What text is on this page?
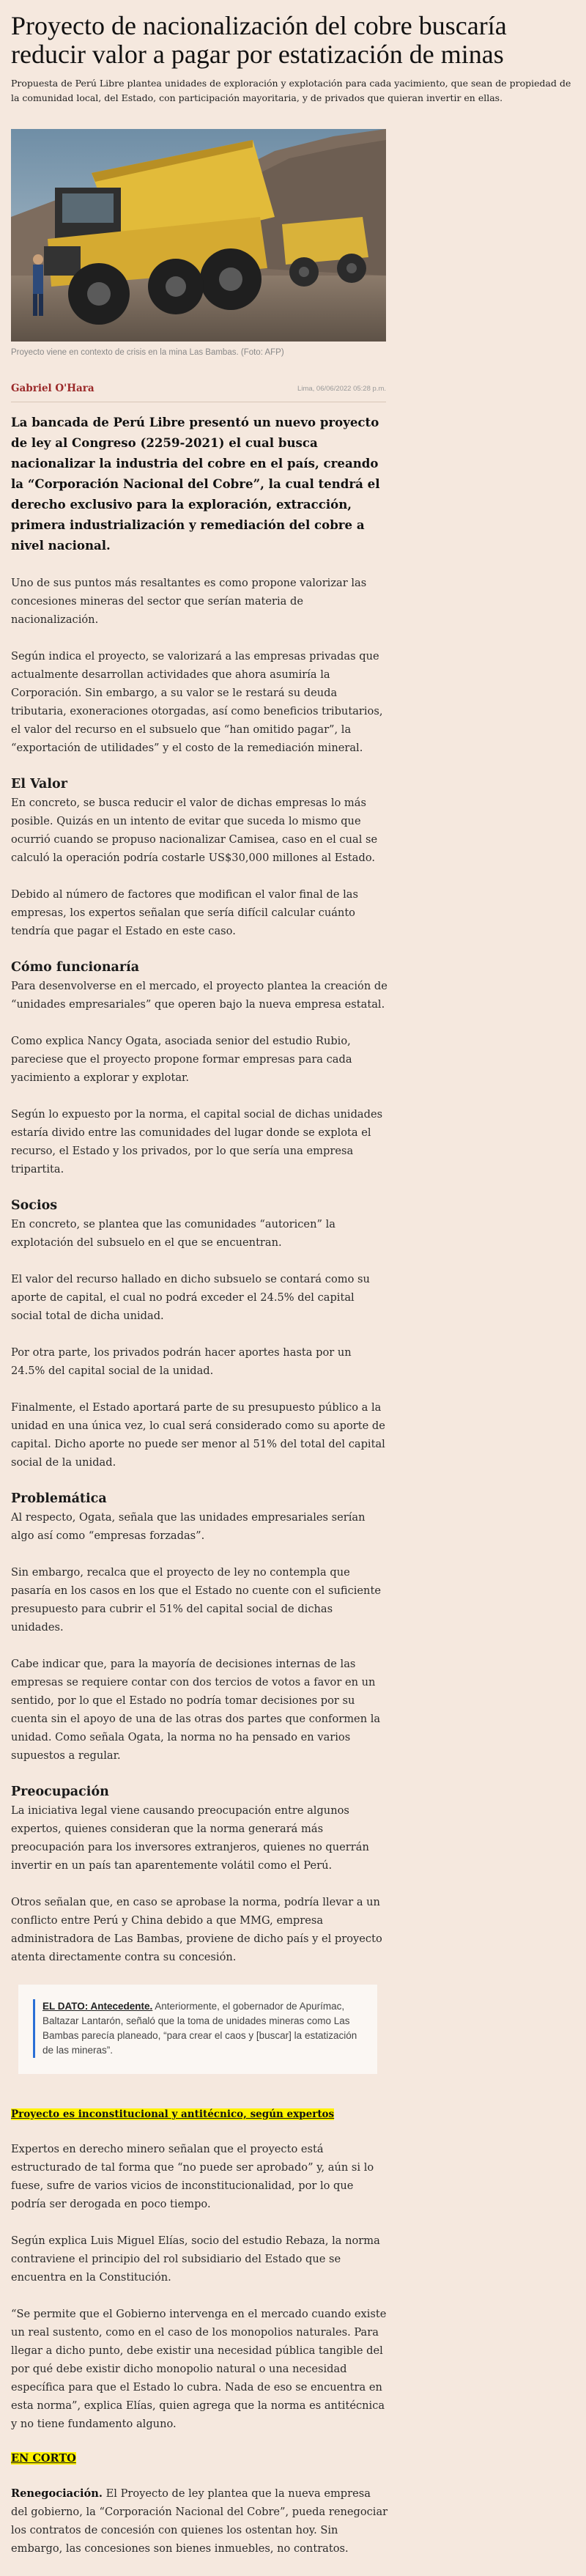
Proyecto de nacionalización del cobre buscaría reducir valor a pagar por estatización de minas

Propuesta de Perú Libre plantea unidades de exploración y explotación para cada yacimiento, que sean de propiedad de la comunidad local, del Estado, con participación mayoritaria, y de privados que quieran invertir en ellas.

Proyecto viene en contexto de crisis en la mina Las Bambas. (Foto: AFP)

Gabriel O'Hara	Lima, 06/06/2022 05:28 p.m.

La bancada de Perú Libre presentó un nuevo proyecto de ley al Congreso (2259-2021) el cual busca nacionalizar la industria del cobre en el país, creando la “Corporación Nacional del Cobre”, la cual tendrá el derecho exclusivo para la exploración, extracción, primera industrialización y remediación del cobre a nivel nacional.

Uno de sus puntos más resaltantes es como propone valorizar las concesiones mineras del sector que serían materia de nacionalización.

Según indica el proyecto, se valorizará a las empresas privadas que actualmente desarrollan actividades que ahora asumiría la Corporación. Sin embargo, a su valor se le restará su deuda tributaria, exoneraciones otorgadas, así como beneficios tributarios, el valor del recurso en el subsuelo que “han omitido pagar”, la “exportación de utilidades” y el costo de la remediación mineral.

El Valor

En concreto, se busca reducir el valor de dichas empresas lo más posible. Quizás en un intento de evitar que suceda lo mismo que ocurrió cuando se propuso nacionalizar Camisea, caso en el cual se calculó la operación podría costarle US$30,000 millones al Estado.

Debido al número de factores que modifican el valor final de las empresas, los expertos señalan que sería difícil calcular cuánto tendría que pagar el Estado en este caso.

Cómo funcionaría

Para desenvolverse en el mercado, el proyecto plantea la creación de “unidades empresariales” que operen bajo la nueva empresa estatal.

Como explica Nancy Ogata, asociada senior del estudio Rubio, pareciese que el proyecto propone formar empresas para cada yacimiento a explorar y explotar.

Según lo expuesto por la norma, el capital social de dichas unidades estaría divido entre las comunidades del lugar donde se explota el recurso, el Estado y los privados, por lo que sería una empresa tripartita.

Socios

En concreto, se plantea que las comunidades “autoricen” la explotación del subsuelo en el que se encuentran.

El valor del recurso hallado en dicho subsuelo se contará como su aporte de capital, el cual no podrá exceder el 24.5% del capital social total de dicha unidad.

Por otra parte, los privados podrán hacer aportes hasta por un 24.5% del capital social de la unidad.

Finalmente, el Estado aportará parte de su presupuesto público a la unidad en una única vez, lo cual será considerado como su aporte de capital. Dicho aporte no puede ser menor al 51% del total del capital social de la unidad.

Problemática

Al respecto, Ogata, señala que las unidades empresariales serían algo así como “empresas forzadas”.

Sin embargo, recalca que el proyecto de ley no contempla que pasaría en los casos en los que el Estado no cuente con el suficiente presupuesto para cubrir el 51% del capital social de dichas unidades.

Cabe indicar que, para la mayoría de decisiones internas de las empresas se requiere contar con dos tercios de votos a favor en un sentido, por lo que el Estado no podría tomar decisiones por su cuenta sin el apoyo de una de las otras dos partes que conformen la unidad. Como señala Ogata, la norma no ha pensado en varios supuestos a regular.

Preocupación

La iniciativa legal viene causando preocupación entre algunos expertos, quienes consideran que la norma generará más preocupación para los inversores extranjeros, quienes no querrán invertir en un país tan aparentemente volátil como el Perú.

Otros señalan que, en caso se aprobase la norma, podría llevar a un conflicto entre Perú y China debido a que MMG, empresa administradora de Las Bambas, proviene de dicho país y el proyecto atenta directamente contra su concesión.

EL DATO: Antecedente. Anteriormente, el gobernador de Apurímac, Baltazar Lantarón, señaló que la toma de unidades mineras como Las Bambas parecía planeado, “para crear el caos y [buscar] la estatización de las mineras”.

Proyecto es inconstitucional y antitécnico, según expertos

Expertos en derecho minero señalan que el proyecto está estructurado de tal forma que “no puede ser aprobado” y, aún si lo fuese, sufre de varios vicios de inconstitucionalidad, por lo que podría ser derogada en poco tiempo.

Según explica Luis Miguel Elías, socio del estudio Rebaza, la norma contraviene el principio del rol subsidiario del Estado que se encuentra en la Constitución.

“Se permite que el Gobierno intervenga en el mercado cuando existe un real sustento, como en el caso de los monopolios naturales. Para llegar a dicho punto, debe existir una necesidad pública tangible del por qué debe existir dicho monopolio natural o una necesidad específica para que el Estado lo cubra. Nada de eso se encuentra en esta norma”, explica Elías, quien agrega que la norma es antitécnica y no tiene fundamento alguno.

EN CORTO

Renegociación. El Proyecto de ley plantea que la nueva empresa del gobierno, la “Corporación Nacional del Cobre”, pueda renegociar los contratos de concesión con quienes los ostentan hoy. Sin embargo, las concesiones son bienes inmuebles, no contratos.
